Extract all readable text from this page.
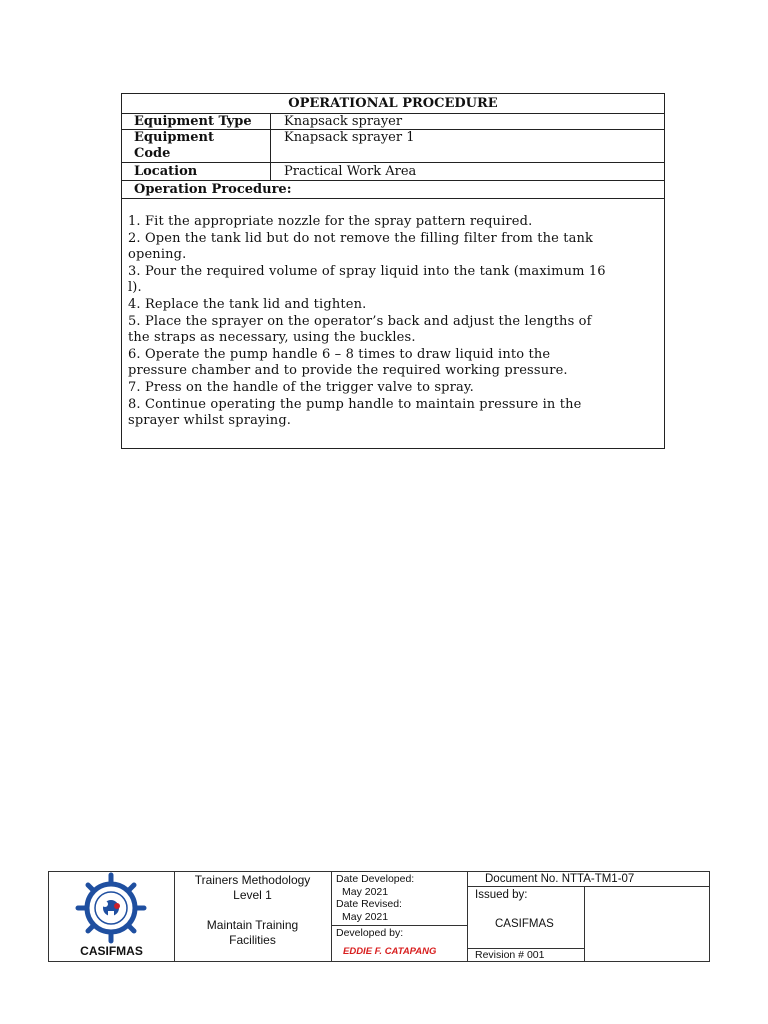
OPERATIONAL PROCEDURE
Equipment Type	Knapsack sprayer
Equipment
Code
Knapsack sprayer 1
Location	Practical Work Area
Operation Procedure:
1. Fit the appropriate nozzle for the spray pattern required.
2. Open the tank lid but do not remove the filling filter from the tank
opening.
3. Pour the required volume of spray liquid into the tank (maximum 16
l).
4. Replace the tank lid and tighten.
5. Place the sprayer on the operator’s back and adjust the lengths of
the straps as necessary, using the buckles.
6. Operate the pump handle 6 – 8 times to draw liquid into the
pressure chamber and to provide the required working pressure.
7. Press on the handle of the trigger valve to spray.
8. Continue operating the pump handle to maintain pressure in the
sprayer whilst spraying.
CASIFMAS
Trainers Methodology
Level 1
Maintain Training
Facilities
Date Developed:
May 2021
Date Revised:
May 2021
Developed by:
EDDIE F. CATAPANG
Document No. NTTA-TM1-07
Issued by:
CASIFMAS
Revision # 001
